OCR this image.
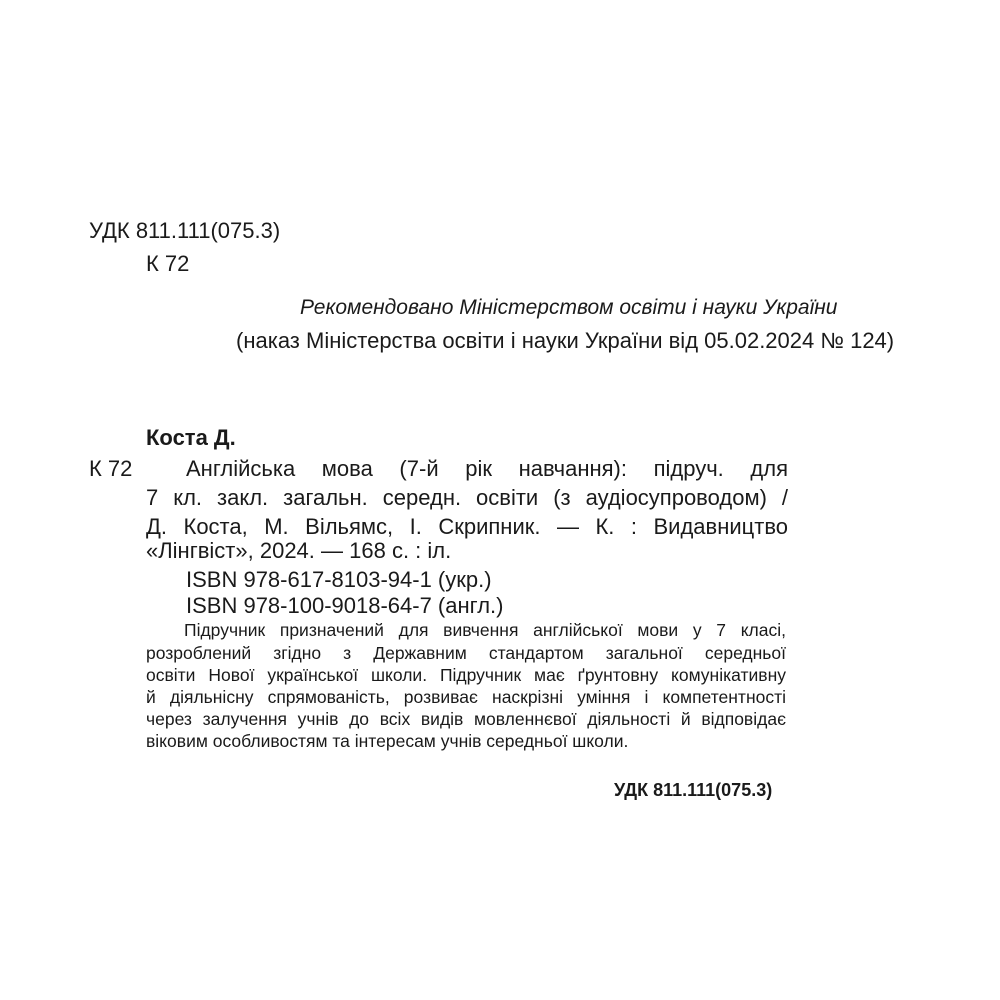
УДК 811.111(075.3)
К 72
Рекомендовано Міністерством освіти і науки України
(наказ Міністерства освіти і науки України від 05.02.2024 № 124)
Коста Д.
К 72	Англійська мова (7-й рік навчання): підруч. для
7 кл. закл. загальн. середн. освіти (з аудіосупроводом) /
Д. Коста, М. Вільямс, І. Скрипник. — К. : Видавництво
«Лінгвіст», 2024. — 168 с. : іл.
ISBN 978-617-8103-94-1 (укр.)
ISBN 978-100-9018-64-7 (англ.)
Підручник призначений для вивчення англійської мови у 7 класі,
розроблений згідно з Державним стандартом загальної середньої
освіти Нової української школи. Підручник має ґрунтовну комунікативну
й діяльнісну спрямованість, розвиває наскрізні уміння і компетентності
через залучення учнів до всіх видів мовленнєвої діяльності й відповідає
віковим особливостям та інтересам учнів середньої школи.
УДК 811.111(075.3)
